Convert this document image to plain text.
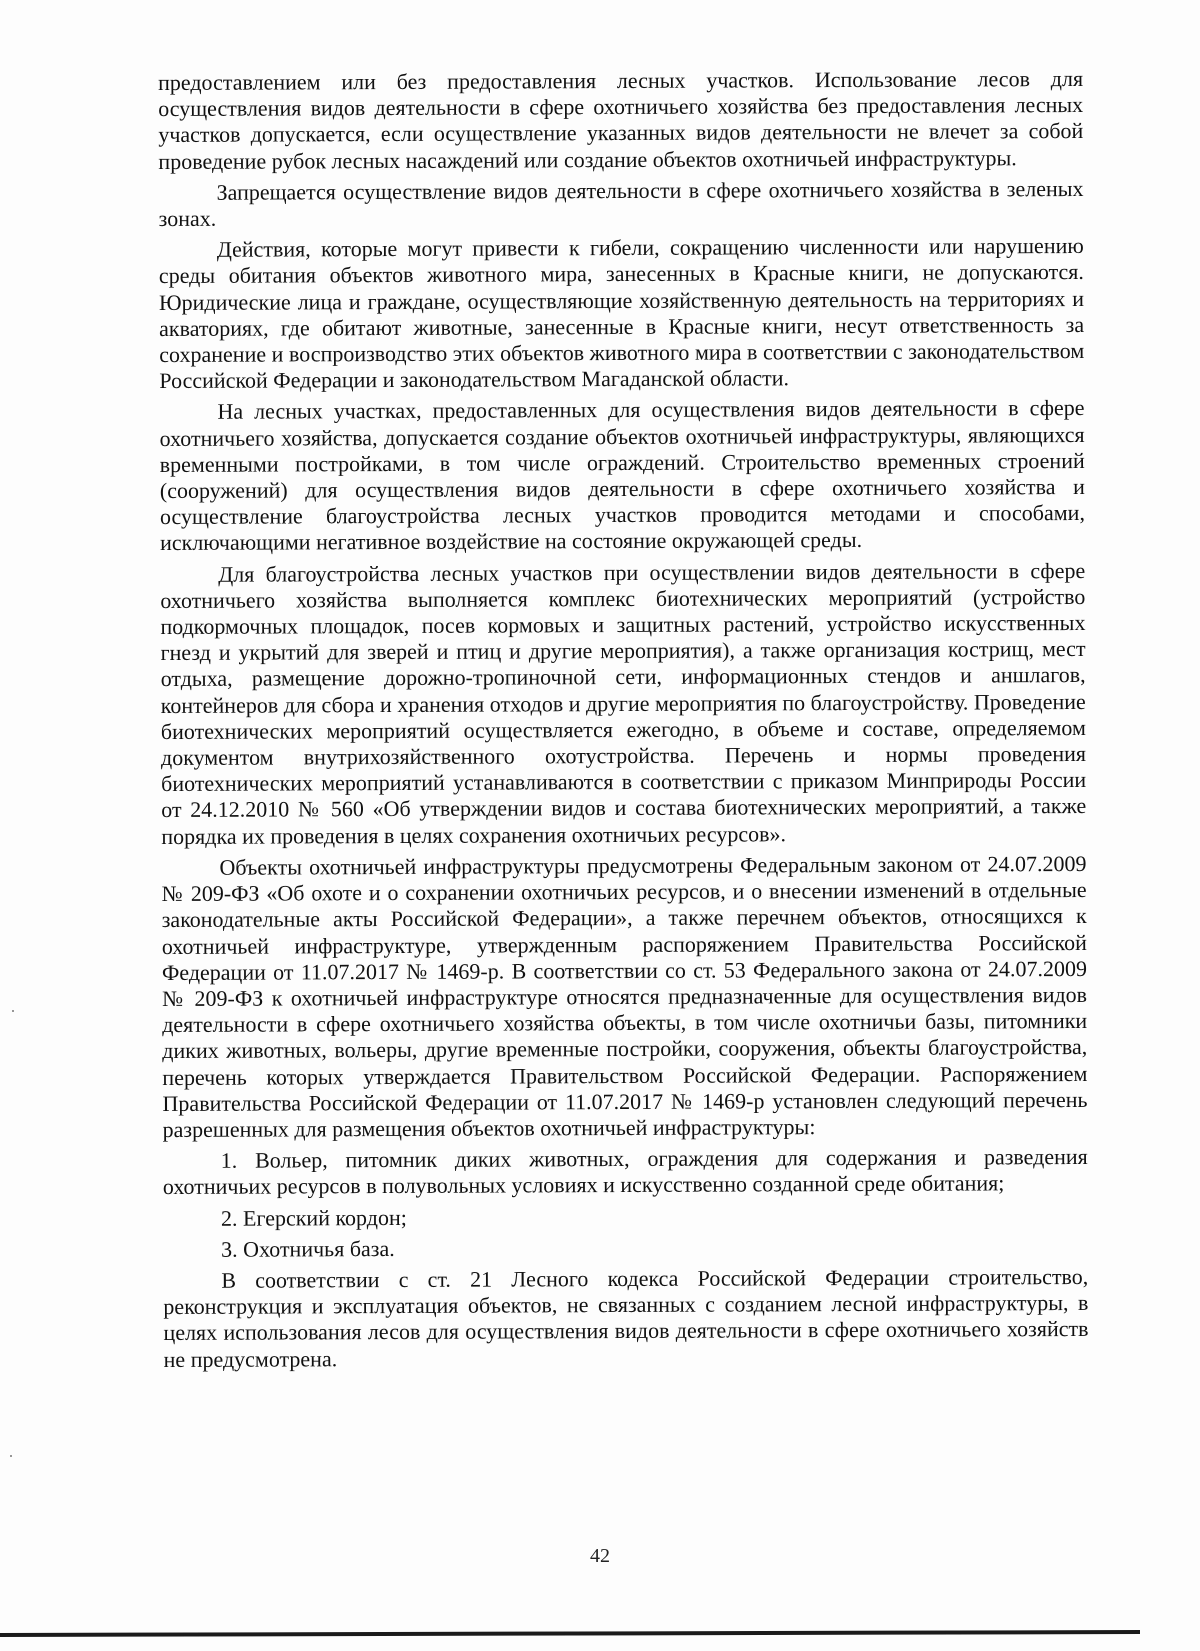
предоставлением или без предоставления лесных участков. Использование лесов для осуществления видов деятельности в сфере охотничьего хозяйства без предоставления лесных участков допускается, если осуществление указанных видов деятельности не влечет за собой проведение рубок лесных насаждений или создание объектов охотничьей инфраструктуры.

Запрещается осуществление видов деятельности в сфере охотничьего хозяйства в зеленых зонах.

Действия, которые могут привести к гибели, сокращению численности или нарушению среды обитания объектов животного мира, занесенных в Красные книги, не допускаются. Юридические лица и граждане, осуществляющие хозяйственную деятельность на территориях и акваториях, где обитают животные, занесенные в Красные книги, несут ответственность за сохранение и воспроизводство этих объектов животного мира в соответствии с законодательством Российской Федерации и законодательством Магаданской области.

На лесных участках, предоставленных для осуществления видов деятельности в сфере охотничьего хозяйства, допускается создание объектов охотничьей инфраструктуры, являющихся временными постройками, в том числе ограждений. Строительство временных строений (сооружений) для осуществления видов деятельности в сфере охотничьего хозяйства и осуществление благоустройства лесных участков проводится методами и способами, исключающими негативное воздействие на состояние окружающей среды.

Для благоустройства лесных участков при осуществлении видов деятельности в сфере охотничьего хозяйства выполняется комплекс биотехнических мероприятий (устройство подкормочных площадок, посев кормовых и защитных растений, устройство искусственных гнезд и укрытий для зверей и птиц и другие мероприятия), а также организация кострищ, мест отдыха, размещение дорожно-тропиночной сети, информационных стендов и аншлагов, контейнеров для сбора и хранения отходов и другие мероприятия по благоустройству. Проведение биотехнических мероприятий осуществляется ежегодно, в объеме и составе, определяемом документом внутрихозяйственного охотустройства. Перечень и нормы проведения биотехнических мероприятий устанавливаются в соответствии с приказом Минприроды России от 24.12.2010 № 560 «Об утверждении видов и состава биотехнических мероприятий, а также порядка их проведения в целях сохранения охотничьих ресурсов».

Объекты охотничьей инфраструктуры предусмотрены Федеральным законом от 24.07.2009 № 209-ФЗ «Об охоте и о сохранении охотничьих ресурсов, и о внесении изменений в отдельные законодательные акты Российской Федерации», а также перечнем объектов, относящихся к охотничьей инфраструктуре, утвержденным распоряжением Правительства Российской Федерации от 11.07.2017 № 1469-р. В соответствии со ст. 53 Федерального закона от 24.07.2009 № 209-ФЗ к охотничьей инфраструктуре относятся предназначенные для осуществления видов деятельности в сфере охотничьего хозяйства объекты, в том числе охотничьи базы, питомники диких животных, вольеры, другие временные постройки, сооружения, объекты благоустройства, перечень которых утверждается Правительством Российской Федерации. Распоряжением Правительства Российской Федерации от 11.07.2017 № 1469-р установлен следующий перечень разрешенных для размещения объектов охотничьей инфраструктуры:

1. Вольер, питомник диких животных, ограждения для содержания и разведения охотничьих ресурсов в полувольных условиях и искусственно созданной среде обитания;

2. Егерский кордон;

3. Охотничья база.

В соответствии с ст. 21 Лесного кодекса Российской Федерации строительство, реконструкция и эксплуатация объектов, не связанных с созданием лесной инфраструктуры, в целях использования лесов для осуществления видов деятельности в сфере охотничьего хозяйств не предусмотрена.

42
